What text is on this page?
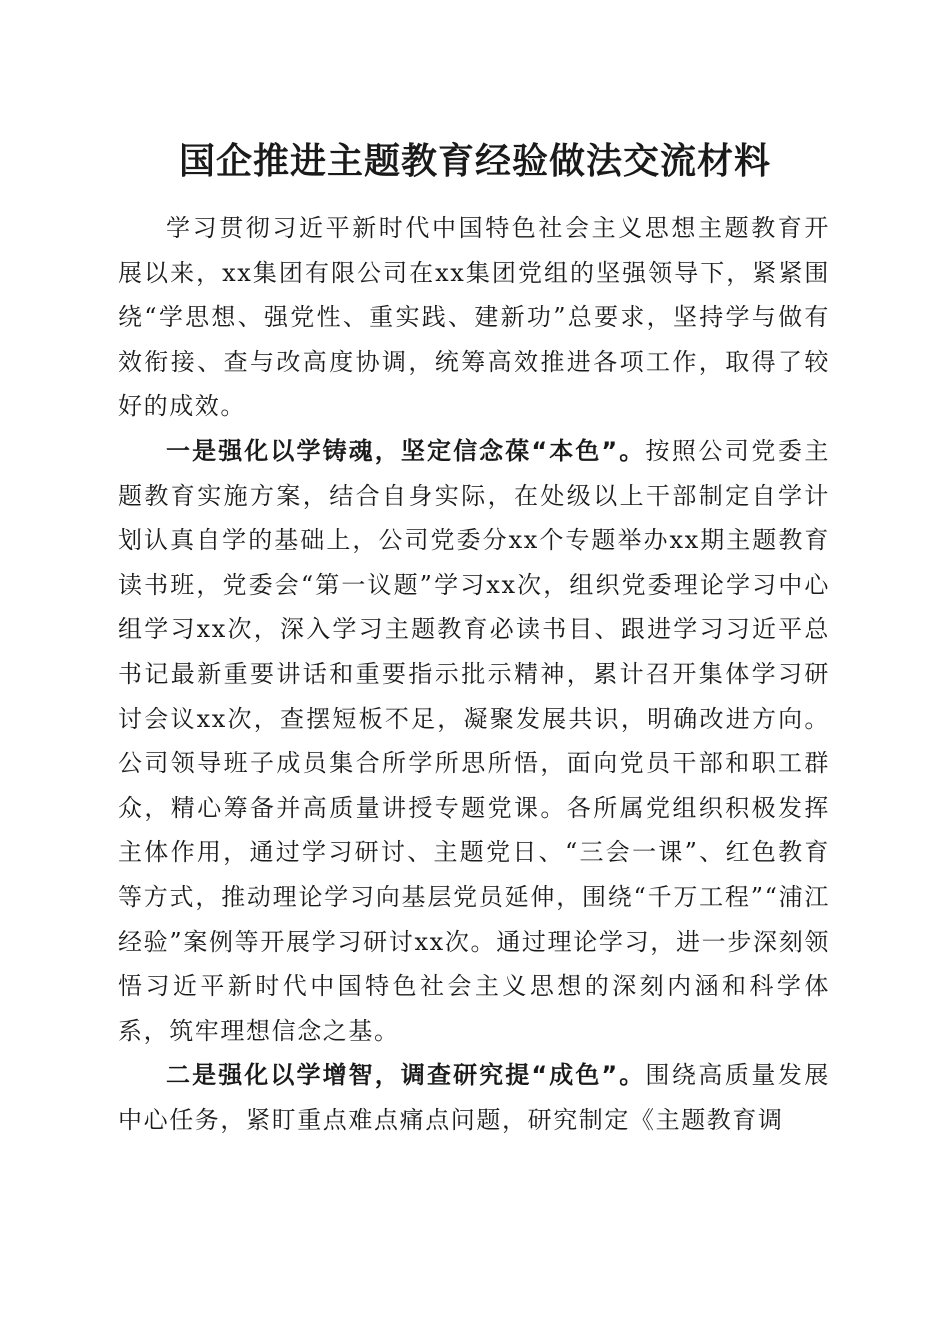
国企推进主题教育经验做法交流材料

学习贯彻习近平新时代中国特色社会主义思想主题教育开展以来，xx集团有限公司在xx集团党组的坚强领导下，紧紧围绕“学思想、强党性、重实践、建新功”总要求，坚持学与做有效衔接、查与改高度协调，统筹高效推进各项工作，取得了较好的成效。

一是强化以学铸魂，坚定信念葆“本色”。按照公司党委主题教育实施方案，结合自身实际，在处级以上干部制定自学计划认真自学的基础上，公司党委分xx个专题举办xx期主题教育读书班，党委会“第一议题”学习xx次，组织党委理论学习中心组学习xx次，深入学习主题教育必读书目、跟进学习习近平总书记最新重要讲话和重要指示批示精神，累计召开集体学习研讨会议xx次，查摆短板不足，凝聚发展共识，明确改进方向。公司领导班子成员集合所学所思所悟，面向党员干部和职工群众，精心筹备并高质量讲授专题党课。各所属党组织积极发挥主体作用，通过学习研讨、主题党日、“三会一课”、红色教育等方式，推动理论学习向基层党员延伸，围绕“千万工程”“浦江经验”案例等开展学习研讨xx次。通过理论学习，进一步深刻领悟习近平新时代中国特色社会主义思想的深刻内涵和科学体系，筑牢理想信念之基。

二是强化以学增智，调查研究提“成色”。围绕高质量发展中心任务，紧盯重点难点痛点问题，研究制定《主题教育调
